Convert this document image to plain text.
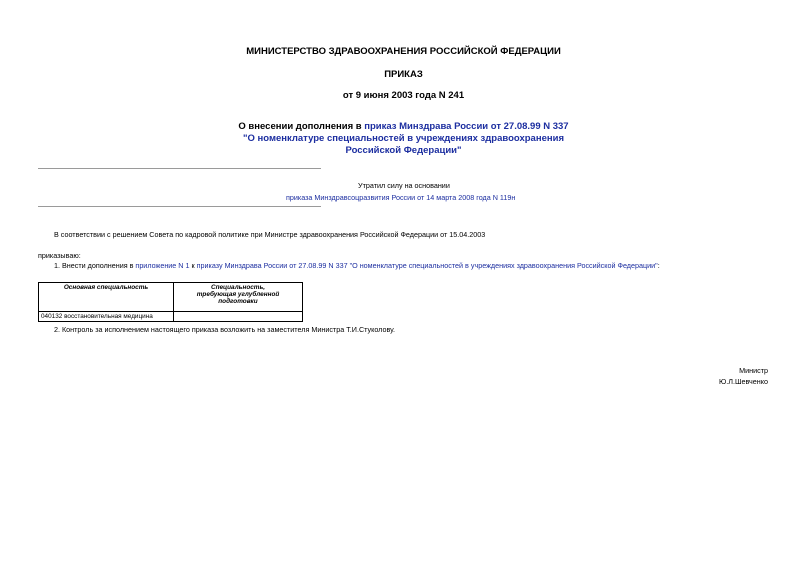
МИНИСТЕРСТВО ЗДРАВООХРАНЕНИЯ РОССИЙСКОЙ ФЕДЕРАЦИИ
ПРИКАЗ
от 9 июня 2003 года N 241
О внесении дополнения в приказ Минздрава России от 27.08.99 N 337
"О номенклатуре специальностей в учреждениях здравоохранения
Российской Федерации"
Утратил силу на основании
приказа Минздравсоцразвития России от 14 марта 2008 года N 119н
В соответствии с решением Совета по кадровой политике при Министре здравоохранения Российской Федерации от 15.04.2003
приказываю:
1. Внести дополнения в приложение N 1 к приказу Минздрава России от 27.08.99 N 337 "О номенклатуре специальностей в учреждениях здравоохранения Российской Федерации":
Основная специальность	Специальность,
требующая углубленной
подготовки
040132 восстановительная медицина	
2. Контроль за исполнением настоящего приказа возложить на заместителя Министра Т.И.Стуколову.
Министр
Ю.Л.Шевченко
